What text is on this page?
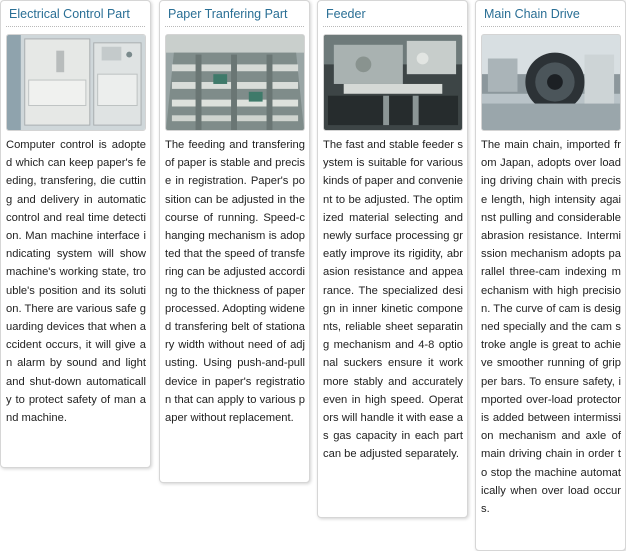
Electrical Control Part
Computer control is adopted which can keep paper's feeding, transfering, die cutting and delivery in automatic control and real time detection. Man machine interface indicating system will show machine's working state, trouble's position and its solution. There are various safe guarding devices that when accident occurs, it will give an alarm by sound and light and shut-down automatically to protect safety of man and machine.
Paper Tranfering Part
The feeding and transfering of paper is stable and precise in registration. Paper's position can be adjusted in the course of running. Speed-changing mechanism is adopted that the speed of transfering can be adjusted according to the thickness of paper processed. Adopting widened transfering belt of stationary width without need of adjusting. Using push-and-pull device in paper's registration that can apply to various paper without replacement.
Feeder
The fast and stable feeder system is suitable for various kinds of paper and convenient to be adjusted. The optimized material selecting and newly surface processing greatly improve its rigidity, abrasion resistance and appearance. The specialized design in inner kinetic components, reliable sheet separating mechanism and 4-8 optional suckers ensure it work more stably and accurately even in high speed. Operators will handle it with ease as gas capacity in each part can be adjusted separately.
Main Chain Drive
The main chain, imported from Japan, adopts over loading driving chain with precise length, high intensity against pulling and considerable abrasion resistance. Intermission mechanism adopts parallel three-cam indexing mechanism with high precision. The curve of cam is designed specially and the cam stroke angle is great to achieve smoother running of gripper bars. To ensure safety, imported over-load protector is added between intermission mechanism and axle of main driving chain in order to stop the machine automatically when over load occurs.
